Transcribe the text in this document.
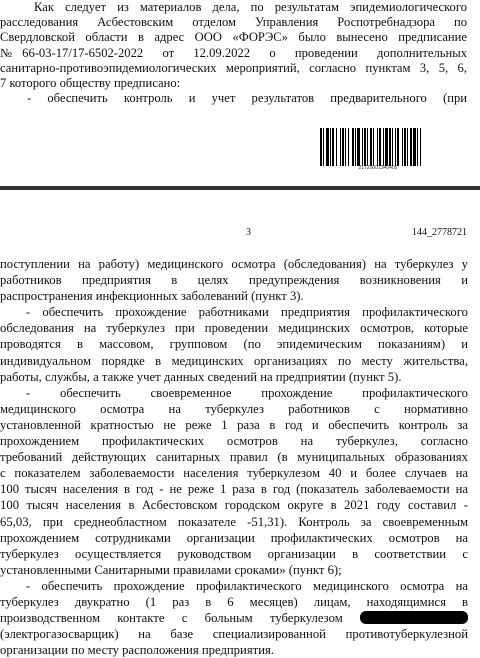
Как следует из материалов дела, по результатам эпидемиологического
расследования Асбестовским отделом Управления Роспотребнадзора по
Свердловской области в адрес ООО «ФОРЭС» было вынесено предписание
№66-03-17/17-6502-2022 от 12.09.2022 о проведении дополнительных
санитарно-противоэпидемиологических мероприятий, согласно пунктам 3, 5, 6,
7 которого обществу предписано:
- обеспечить контроль и учет результатов предварительного (при
21720001340405
3	144_2778721
поступлении на работу) медицинского осмотра (обследования) на туберкулез у
работников предприятия в целях предупреждения возникновения и
распространения инфекционных заболеваний (пункт 3).
- обеспечить прохождение работниками предприятия профилактического
обследования на туберкулез при проведении медицинских осмотров, которые
проводятся в массовом, групповом (по эпидемическим показаниям) и
индивидуальном порядке в медицинских организациях по месту жительства,
работы, службы, а также учет данных сведений на предприятии (пункт 5).
- обеспечить своевременное прохождение профилактического
медицинского осмотра на туберкулез работников с нормативно
установленной кратностью не реже 1 раза в год и обеспечить контроль за
прохождением профилактических осмотров на туберкулез, согласно
требований действующих санитарных правил (в муниципальных образованиях
с показателем заболеваемости населения туберкулезом 40 и более случаев на
100 тысяч населения в год - не реже 1 раза в год (показатель заболеваемости на
100 тысяч населения в Асбестовском городском округе в 2021 году составил -
65,03, при среднеобластном показателе -51,31). Контроль за своевременным
прохождением сотрудниками организации профилактических осмотров на
туберкулез осуществляется руководством организации в соответствии с
установленными Санитарными правилами сроками» (пункт 6);
- обеспечить прохождение профилактического медицинского осмотра на
туберкулез двукратно (1 раз в 6 месяцев) лицам, находящимися в
производственном контакте с больным туберкулезом
(электрогазосварщик) на базе специализированной противотуберкулезной
организации по месту расположения предприятия.
